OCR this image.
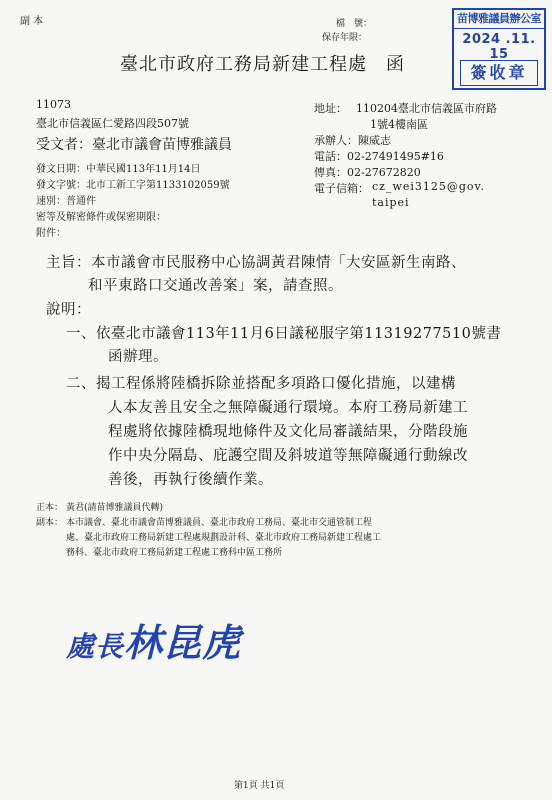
副 本	檔　號：
保存年限：
苗博雅議員辦公室
2024 .11. 15
簽收章
臺北市政府工務局新建工程處　函
11073
臺北市信義區仁愛路四段507號
受文者：臺北市議會苗博雅議員
地址： 110204臺北市信義區市府路
1號4樓南區
承辦人：陳威志
電話：02-27491495#16
傳真：02-27672820
電子信箱： cz_wei3125@gov.
taipei
發文日期：中華民國113年11月14日
發文字號：北市工新工字第1133102059號
速別：普通件
密等及解密條件或保密期限：
附件：
主旨：本市議會市民服務中心協調黃君陳情「大安區新生南路、
和平東路口交通改善案」案，請查照。
說明：
一、依臺北市議會113年11月6日議秘服字第11319277510號書
函辦理。
二、揭工程係將陸橋拆除並搭配多項路口優化措施，以建構
人本友善且安全之無障礙通行環境。本府工務局新建工
程處將依據陸橋現地條件及文化局審議結果，分階段施
作中央分隔島、庇護空間及斜坡道等無障礙通行動線改
善後，再執行後續作業。
正本： 黃君(請苗博雅議員代轉)
副本： 本市議會、臺北市議會苗博雅議員、臺北市政府工務局、臺北市交通管制工程
處、臺北市政府工務局新建工程處規劃設計科、臺北市政府工務局新建工程處工
務科、臺北市政府工務局新建工程處工務科中區工務所
處長林昆虎
第1頁 共1頁
